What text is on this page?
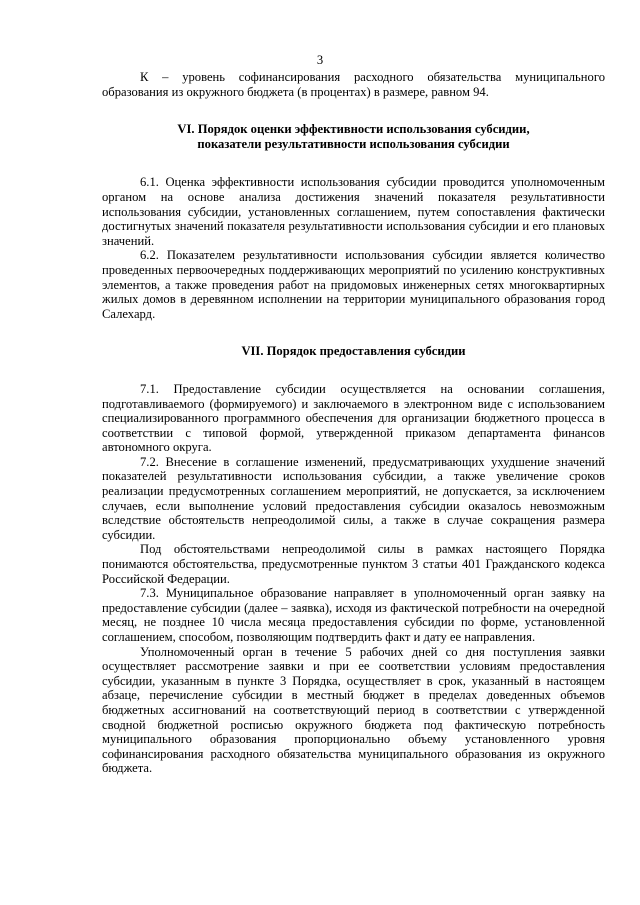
3

К – уровень софинансирования расходного обязательства муниципального образования из окружного бюджета (в процентах) в размере, равном 94.

VI. Порядок оценки эффективности использования субсидии,
показатели результативности использования субсидии

6.1. Оценка эффективности использования субсидии проводится уполномоченным органом на основе анализа достижения значений показателя результативности использования субсидии, установленных соглашением, путем сопоставления фактически достигнутых значений показателя результативности использования субсидии и его плановых значений.

6.2. Показателем результативности использования субсидии является количество проведенных первоочередных поддерживающих мероприятий по усилению конструктивных элементов, а также проведения работ на придомовых инженерных сетях многоквартирных жилых домов в деревянном исполнении на территории муниципального образования город Салехард.

VII. Порядок предоставления субсидии

7.1. Предоставление субсидии осуществляется на основании соглашения, подготавливаемого (формируемого) и заключаемого в электронном виде с использованием специализированного программного обеспечения для организации бюджетного процесса в соответствии с типовой формой, утвержденной приказом департамента финансов автономного округа.

7.2. Внесение в соглашение изменений, предусматривающих ухудшение значений показателей результативности использования субсидии, а также увеличение сроков реализации предусмотренных соглашением мероприятий, не допускается, за исключением случаев, если выполнение условий предоставления субсидии оказалось невозможным вследствие обстоятельств непреодолимой силы, а также в случае сокращения размера субсидии.

Под обстоятельствами непреодолимой силы в рамках настоящего Порядка понимаются обстоятельства, предусмотренные пунктом 3 статьи 401 Гражданского кодекса Российской Федерации.

7.3. Муниципальное образование направляет в уполномоченный орган заявку на предоставление субсидии (далее – заявка), исходя из фактической потребности на очередной месяц, не позднее 10 числа месяца предоставления субсидии по форме, установленной соглашением, способом, позволяющим подтвердить факт и дату ее направления.

Уполномоченный орган в течение 5 рабочих дней со дня поступления заявки осуществляет рассмотрение заявки и при ее соответствии условиям предоставления субсидии, указанным в пункте 3 Порядка, осуществляет в срок, указанный в настоящем абзаце, перечисление субсидии в местный бюджет в пределах доведенных объемов бюджетных ассигнований на соответствующий период в соответствии с утвержденной сводной бюджетной росписью окружного бюджета под фактическую потребность муниципального образования пропорционально объему установленного уровня софинансирования расходного обязательства муниципального образования из окружного бюджета.
